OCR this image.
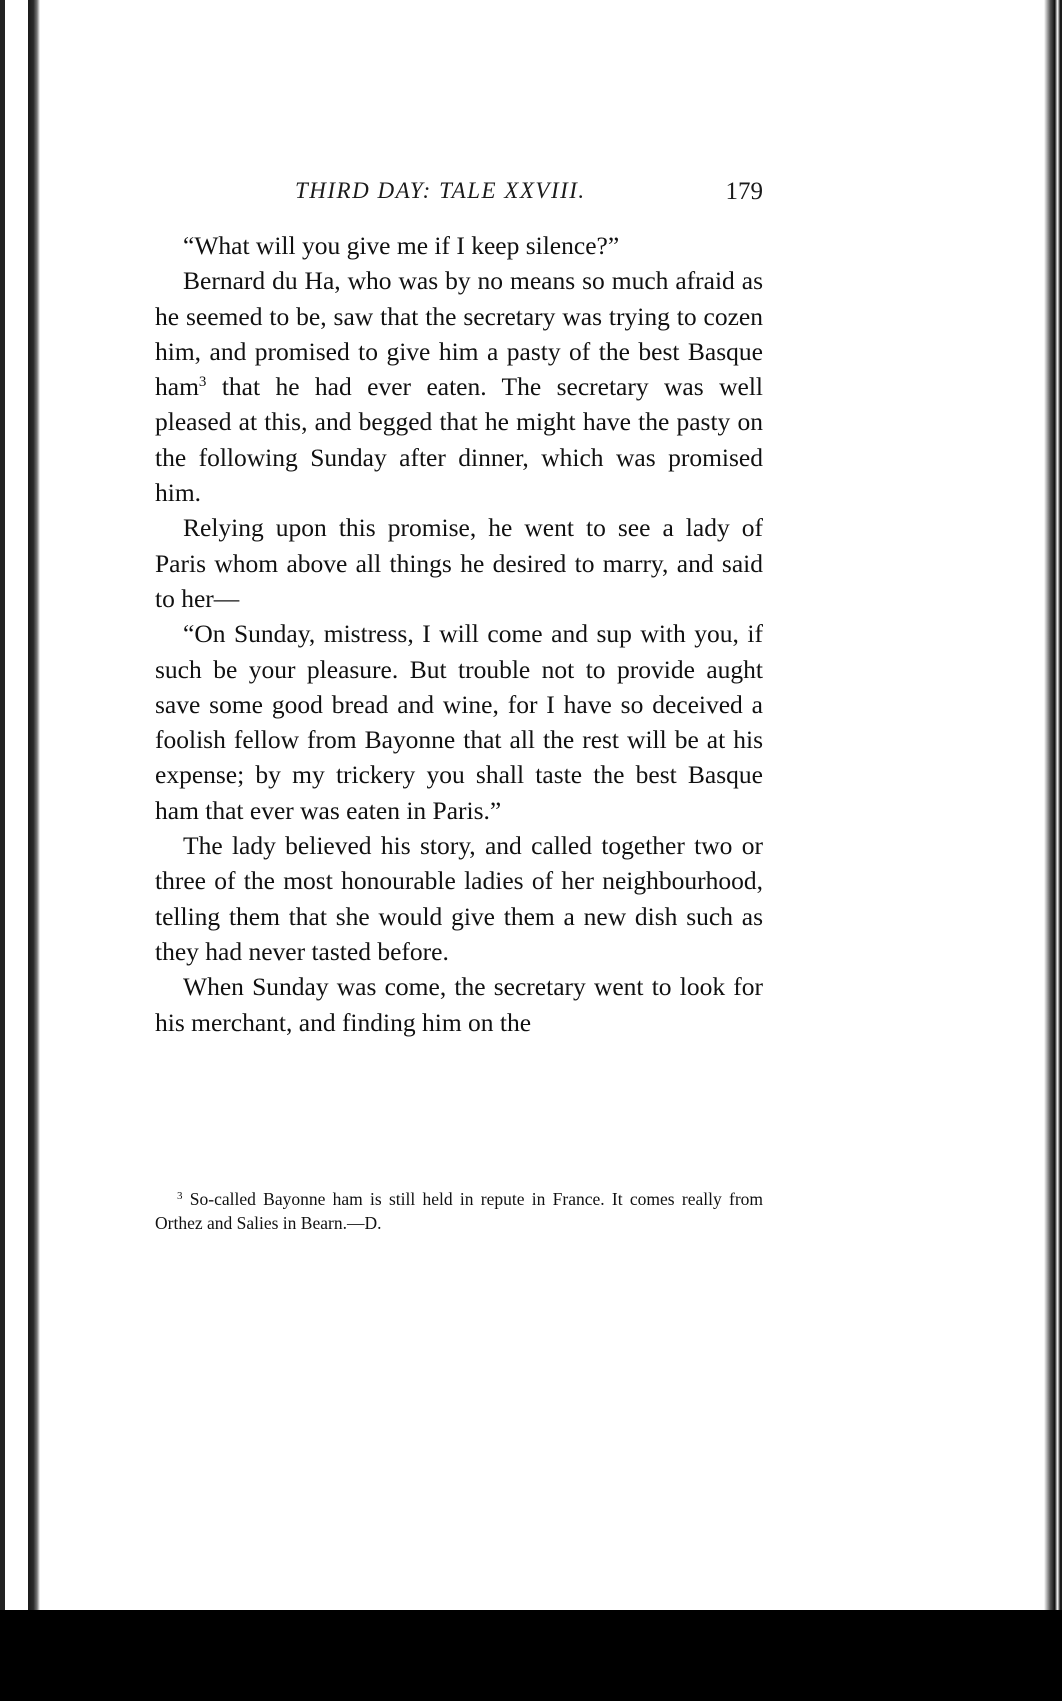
THIRD DAY: TALE XXVIII.	179

“What will you give me if I keep silence?”

Bernard du Ha, who was by no means so much afraid as he seemed to be, saw that the secretary was trying to cozen him, and promised to give him a pasty of the best Basque ham$^3$ that he had ever eaten. The secretary was well pleased at this, and begged that he might have the pasty on the following Sunday after dinner, which was promised him.

Relying upon this promise, he went to see a lady of Paris whom above all things he desired to marry, and said to her—

“On Sunday, mistress, I will come and sup with you, if such be your pleasure. But trouble not to provide aught save some good bread and wine, for I have so deceived a foolish fellow from Bayonne that all the rest will be at his expense; by my trickery you shall taste the best Basque ham that ever was eaten in Paris.”

The lady believed his story, and called together two or three of the most honourable ladies of her neighbourhood, telling them that she would give them a new dish such as they had never tasted before.

When Sunday was come, the secretary went to look for his merchant, and finding him on the

$^3$ So-called Bayonne ham is still held in repute in France. It comes really from Orthez and Salies in Bearn.—D.
